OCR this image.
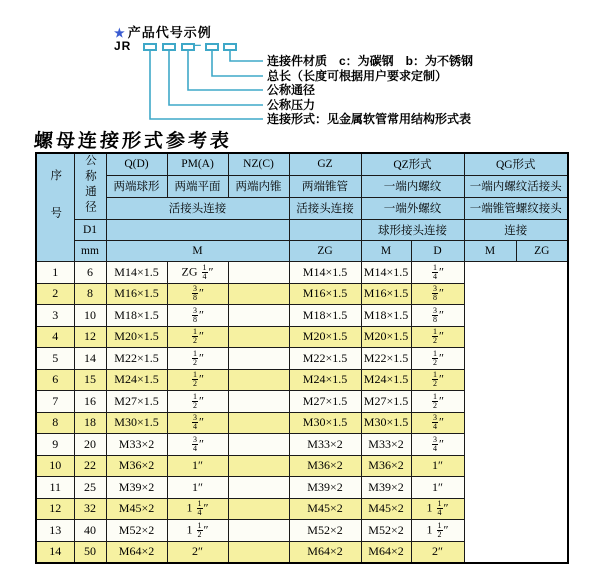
★ 产品代号示例
JR	–
连接件材质　c：为碳钢　b：为不锈钢
总长（长度可根据用户要求定制）
公称通径
公称压力
连接形式：见金属软管常用结构形式表
螺母连接形式参考表
序号	公称通径	Q(D)	PM(A)	NZ(C)	GZ	QZ形式		QG形式	
		两端球形	两端平面	两端内锥	两端锥管	一端内螺纹		一端内螺纹活接头	
		活接头连接			活接头连接	一端外螺纹		一端锥管螺纹接头	
	D1					球形接头连接		连接	
	mm	M			ZG	M	D	M	ZG
1	6	M14×1.5	ZG $\frac{1}{4}$ ″		M14×1.5	M14×1.5	$\frac{1}{4}$ ″		
2	8	M16×1.5	$\frac{3}{8}$ ″		M16×1.5	M16×1.5	$\frac{3}{8}$ ″		
3	10	M18×1.5	$\frac{3}{8}$ ″		M18×1.5	M18×1.5	$\frac{3}{8}$ ″		
4	12	M20×1.5	$\frac{1}{2}$ ″		M20×1.5	M20×1.5	$\frac{1}{2}$ ″		
5	14	M22×1.5	$\frac{1}{2}$ ″		M22×1.5	M22×1.5	$\frac{1}{2}$ ″		
6	15	M24×1.5	$\frac{1}{2}$ ″		M24×1.5	M24×1.5	$\frac{1}{2}$ ″		
7	16	M27×1.5	$\frac{1}{2}$ ″		M27×1.5	M27×1.5	$\frac{1}{2}$ ″		
8	18	M30×1.5	$\frac{3}{4}$ ″		M30×1.5	M30×1.5	$\frac{3}{4}$ ″		
9	20	M33×2	$\frac{3}{4}$ ″		M33×2	M33×2	$\frac{3}{4}$ ″		
10	22	M36×2	1″		M36×2	M36×2	1″		
11	25	M39×2	1″		M39×2	M39×2	1″		
12	32	M45×2	$1 \frac{1}{4}$ ″		M45×2	M45×2	$1 \frac{1}{4}$ ″		
13	40	M52×2	$1 \frac{1}{2}$ ″		M52×2	M52×2	$1 \frac{1}{2}$ ″		
14	50	M64×2	2″		M64×2	M64×2	2″		
